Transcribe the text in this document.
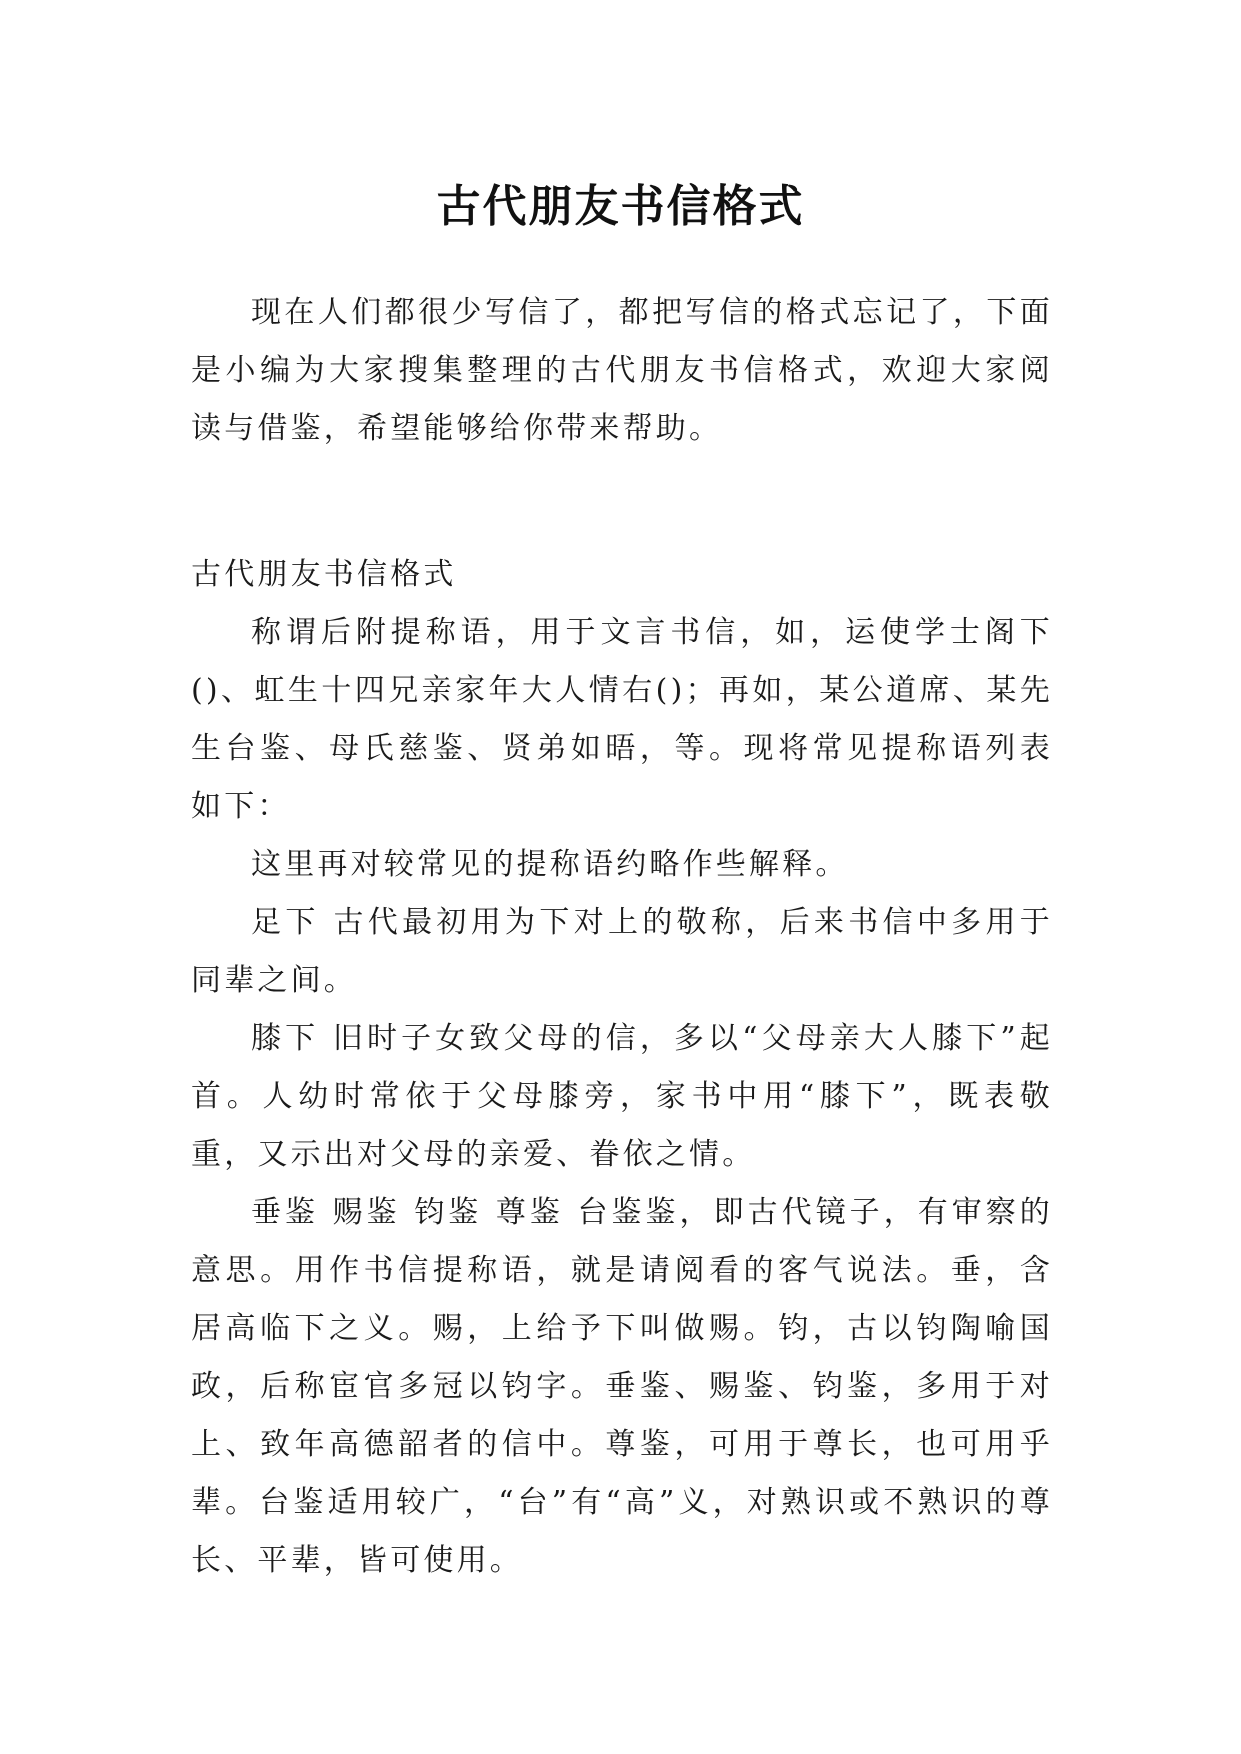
古代朋友书信格式

现在人们都很少写信了，都把写信的格式忘记了，下面是小编为大家搜集整理的古代朋友书信格式，欢迎大家阅读与借鉴，希望能够给你带来帮助。

古代朋友书信格式

称谓后附提称语，用于文言书信，如，运使学士阁下()、虹生十四兄亲家年大人情右()；再如，某公道席、某先生台鉴、母氏慈鉴、贤弟如晤，等。现将常见提称语列表如下：

这里再对较常见的提称语约略作些解释。

足下 古代最初用为下对上的敬称，后来书信中多用于同辈之间。

膝下 旧时子女致父母的信，多以“父母亲大人膝下”起首。人幼时常依于父母膝旁，家书中用“膝下”，既表敬重，又示出对父母的亲爱、眷依之情。

垂鉴 赐鉴 钧鉴 尊鉴 台鉴鉴，即古代镜子，有审察的意思。用作书信提称语，就是请阅看的客气说法。垂，含居高临下之义。赐，上给予下叫做赐。钧，古以钧陶喻国政，后称宦官多冠以钧字。垂鉴、赐鉴、钧鉴，多用于对上、致年高德韶者的信中。尊鉴，可用于尊长，也可用乎辈。台鉴适用较广，“台”有“高”义，对熟识或不熟识的尊长、平辈，皆可使用。
